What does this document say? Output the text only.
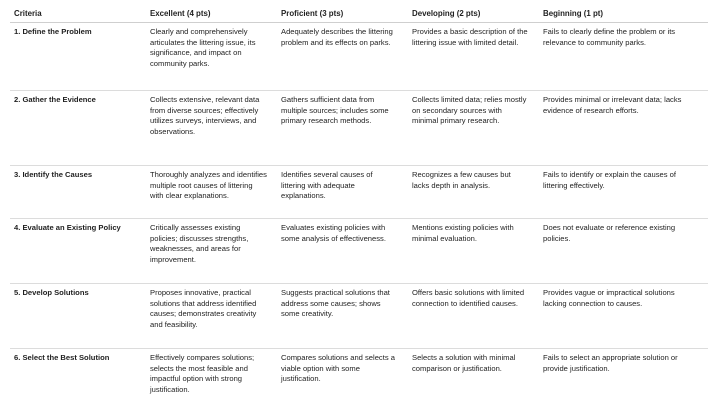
Criteria	Excellent (4 pts)	Proficient (3 pts)	Developing (2 pts)	Beginning (1 pt)
1. Define the Problem	Clearly and comprehensively articulates the littering issue, its significance, and impact on community parks.	Adequately describes the littering problem and its effects on parks.	Provides a basic description of the littering issue with limited detail.	Fails to clearly define the problem or its relevance to community parks.
2. Gather the Evidence	Collects extensive, relevant data from diverse sources; effectively utilizes surveys, interviews, and observations.	Gathers sufficient data from multiple sources; includes some primary research methods.	Collects limited data; relies mostly on secondary sources with minimal primary research.	Provides minimal or irrelevant data; lacks evidence of research efforts.
3. Identify the Causes	Thoroughly analyzes and identifies multiple root causes of littering with clear explanations.	Identifies several causes of littering with adequate explanations.	Recognizes a few causes but lacks depth in analysis.	Fails to identify or explain the causes of littering effectively.
4. Evaluate an Existing Policy	Critically assesses existing policies; discusses strengths, weaknesses, and areas for improvement.	Evaluates existing policies with some analysis of effectiveness.	Mentions existing policies with minimal evaluation.	Does not evaluate or reference existing policies.
5. Develop Solutions	Proposes innovative, practical solutions that address identified causes; demonstrates creativity and feasibility.	Suggests practical solutions that address some causes; shows some creativity.	Offers basic solutions with limited connection to identified causes.	Provides vague or impractical solutions lacking connection to causes.
6. Select the Best Solution	Effectively compares solutions; selects the most feasible and impactful option with strong justification.	Compares solutions and selects a viable option with some justification.	Selects a solution with minimal comparison or justification.	Fails to select an appropriate solution or provide justification.
